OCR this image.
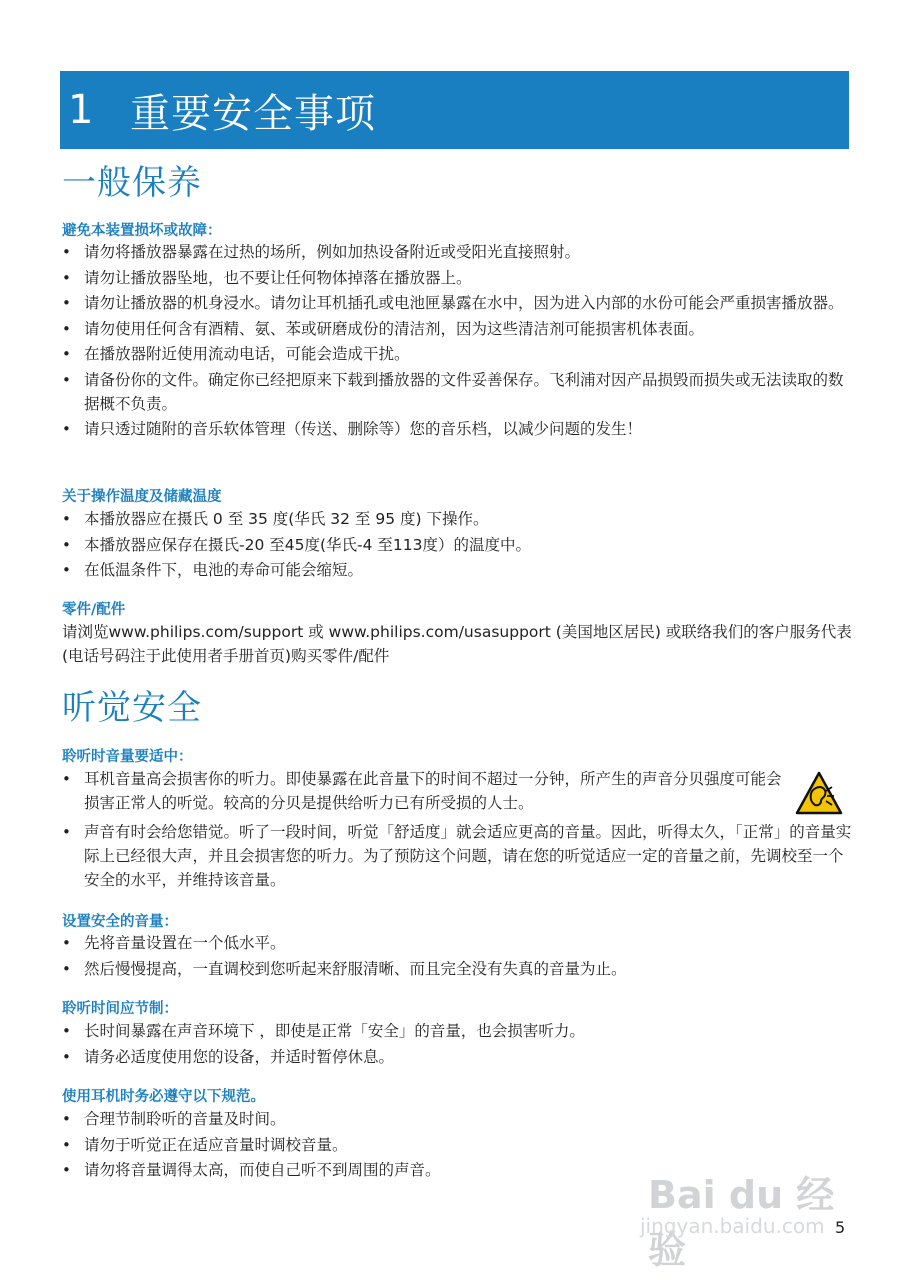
1 重要安全事项
一般保养
避免本装置损坏或故障：
• 请勿将播放器暴露在过热的场所，例如加热设备附近或受阳光直接照射。
• 请勿让播放器坠地，也不要让任何物体掉落在播放器上。
• 请勿让播放器的机身浸水。请勿让耳机插孔或电池匣暴露在水中，因为进入内部的水份可能会严重损害播放器。
• 请勿使用任何含有酒精、氨、苯或研磨成份的清洁剂，因为这些清洁剂可能损害机体表面。
• 在播放器附近使用流动电话，可能会造成干扰。
• 请备份你的文件。确定你已经把原来下载到播放器的文件妥善保存。飞利浦对因产品损毁而损失或无法读取的数据概不负责。
• 请只透过随附的音乐软体管理（传送、删除等）您的音乐档，以减少问题的发生！
关于操作温度及储藏温度
• 本播放器应在摄氏 0 至 35 度(华氏 32 至 95 度) 下操作。
• 本播放器应保存在摄氏-20 至45度(华氏-4 至113度）的温度中。
• 在低温条件下，电池的寿命可能会缩短。
零件/配件
请浏览www.philips.com/support 或 www.philips.com/usasupport (美国地区居民) 或联络我们的客户服务代表(电话号码注于此使用者手册首页)购买零件/配件
听觉安全
聆听时音量要适中：
• 耳机音量高会损害你的听力。即使暴露在此音量下的时间不超过一分钟，所产生的声音分贝强度可能会损害正常人的听觉。较高的分贝是提供给听力已有所受损的人士。
• 声音有时会给您错觉。听了一段时间，听觉「舒适度」就会适应更高的音量。因此，听得太久，「正常」的音量实际上已经很大声，并且会损害您的听力。为了预防这个问题，请在您的听觉适应一定的音量之前，先调校至一个安全的水平，并维持该音量。
设置安全的音量：
• 先将音量设置在一个低水平。
• 然后慢慢提高，一直调校到您听起来舒服清晰、而且完全没有失真的音量为止。
聆听时间应节制：
• 长时间暴露在声音环境下 ，即使是正常「安全」的音量，也会损害听力。
• 请务必适度使用您的设备，并适时暂停休息。
使用耳机时务必遵守以下规范。
• 合理节制聆听的音量及时间。
• 请勿于听觉正在适应音量时调校音量。
• 请勿将音量调得太高，而使自己听不到周围的声音。
Bai du 经验
jingyan.baidu.com 5
